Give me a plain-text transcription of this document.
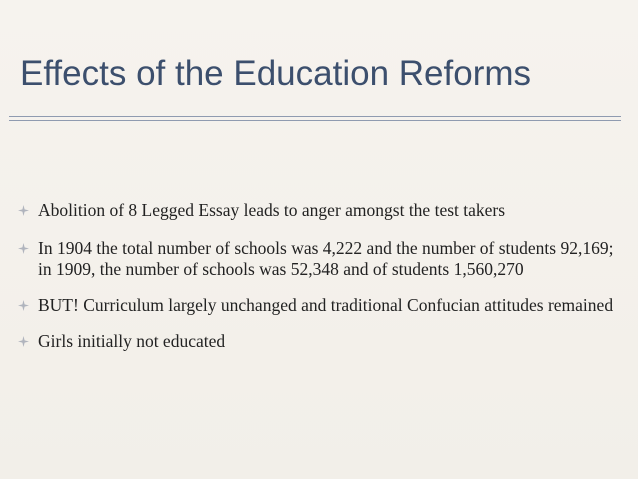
Effects of the Education Reforms
Abolition of 8 Legged Essay leads to anger amongst the test takers
In 1904 the total number of schools was 4,222 and the number of students 92,169; in 1909, the number of schools was 52,348 and of students 1,560,270
BUT! Curriculum largely unchanged and traditional Confucian attitudes remained
Girls initially not educated
